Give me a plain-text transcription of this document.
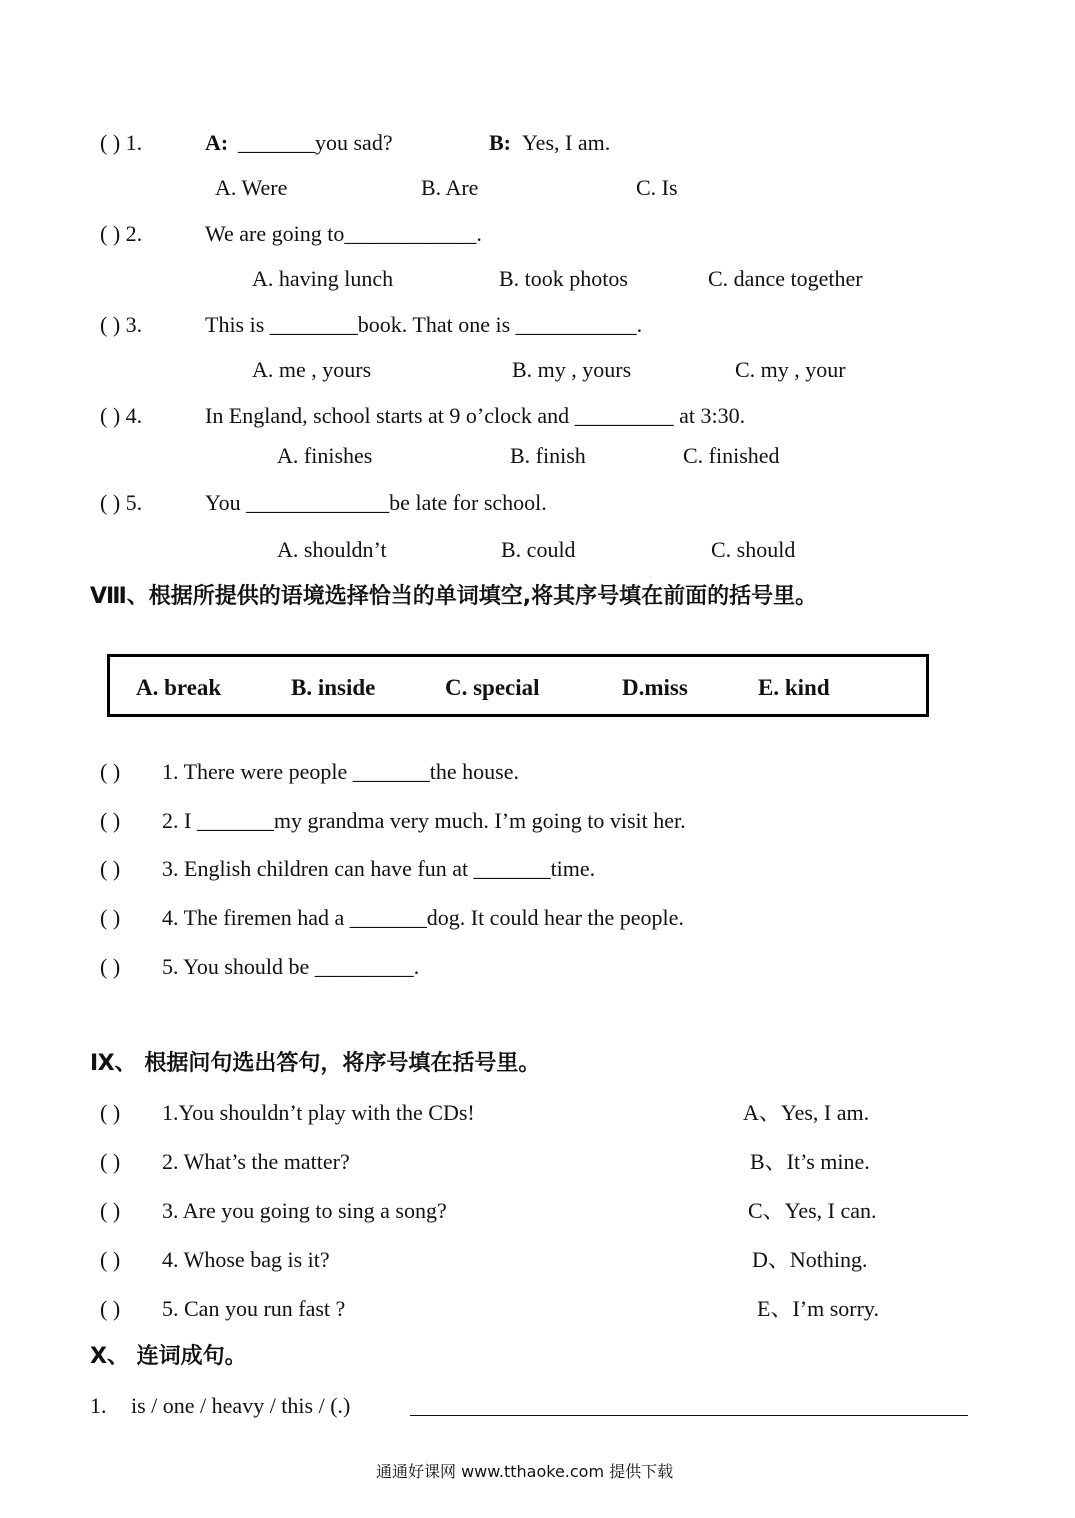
( ) 1.	A: _______you sad?	B: Yes, I am.
A. Were	B. Are	C. Is
( ) 2.	We are going to____________.
A. having lunch	B. took photos	C. dance together
( ) 3.	This is ________book. That one is ___________.
A. me , yours	B. my , yours	C. my , your
( ) 4.	In England, school starts at 9 o’clock and _________ at 3:30.
A. finishes	B. finish	C. finished
( ) 5.	You _____________be late for school.
A. shouldn’t	B. could	C. should
Ⅷ、根据所提供的语境选择恰当的单词填空,将其序号填在前面的括号里。
A. break	B. inside	C. special	D.miss	E. kind
( ) 1. There were people _______the house.
( ) 2. I _______my grandma very much. I’m going to visit her.
( ) 3. English children can have fun at _______time.
( ) 4. The firemen had a _______dog. It could hear the people.
( ) 5. You should be _________.
Ⅸ、 根据问句选出答句，将序号填在括号里。
( ) 1.You shouldn’t play with the CDs!	A、Yes, I am.
( ) 2. What’s the matter?	B、It’s mine.
( ) 3. Are you going to sing a song?	C、Yes, I can.
( ) 4. Whose bag is it?	D、Nothing.
( ) 5. Can you run fast ?	E、I’m sorry.
Ⅹ、 连词成句。
1. is / one / heavy / this / (.)
通通好课网 www.tthaoke.com 提供下载
